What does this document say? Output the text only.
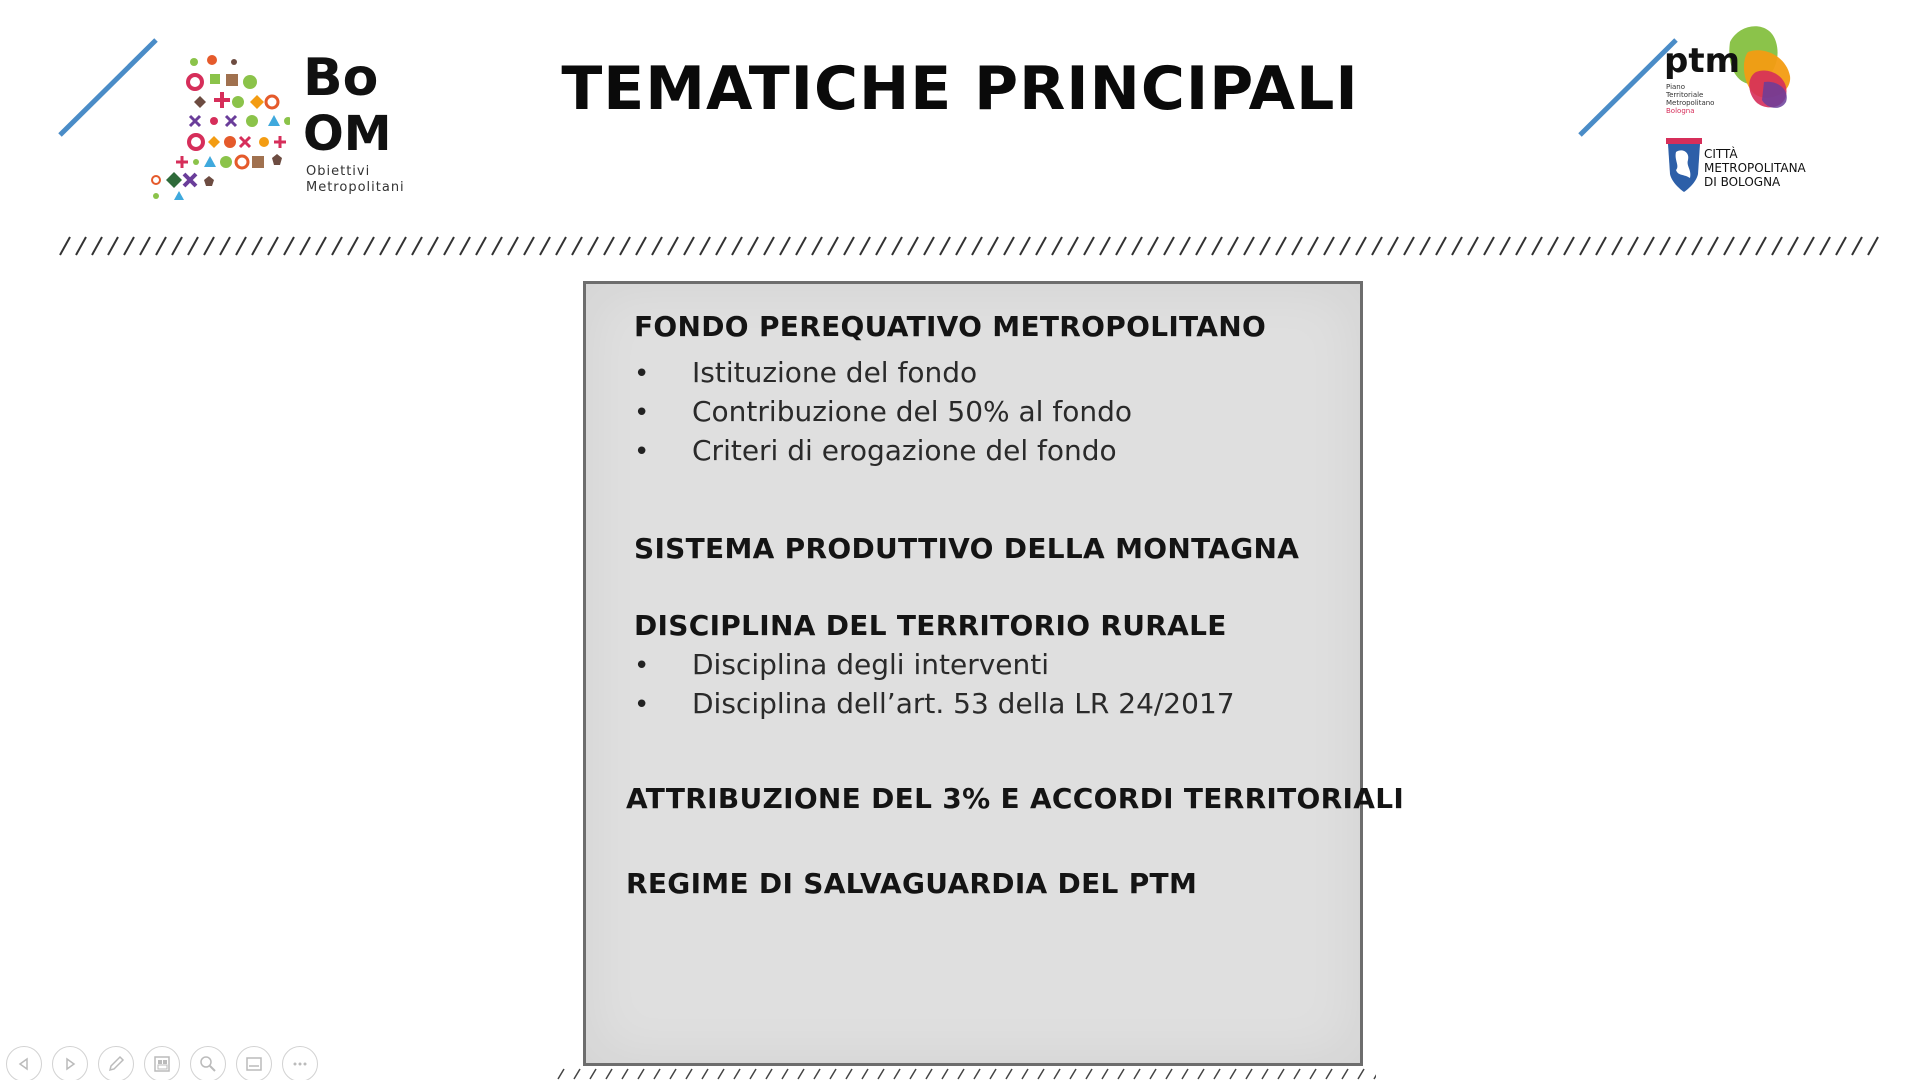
Bo
OM
Obiettivi
Metropolitani
TEMATICHE PRINCIPALI	ptm
Piano
Territoriale
Metropolitano
Bologna
CITTÀ
METROPOLITANA
DI BOLOGNA
FONDO PEREQUATIVO METROPOLITANO
• Istituzione del fondo
• Contribuzione del 50% al fondo
• Criteri di erogazione del fondo
SISTEMA PRODUTTIVO DELLA MONTAGNA
DISCIPLINA DEL TERRITORIO RURALE
• Disciplina degli interventi
• Disciplina dell’art. 53 della LR 24/2017
ATTRIBUZIONE DEL 3% E ACCORDI TERRITORIALI
REGIME DI SALVAGUARDIA DEL PTM
